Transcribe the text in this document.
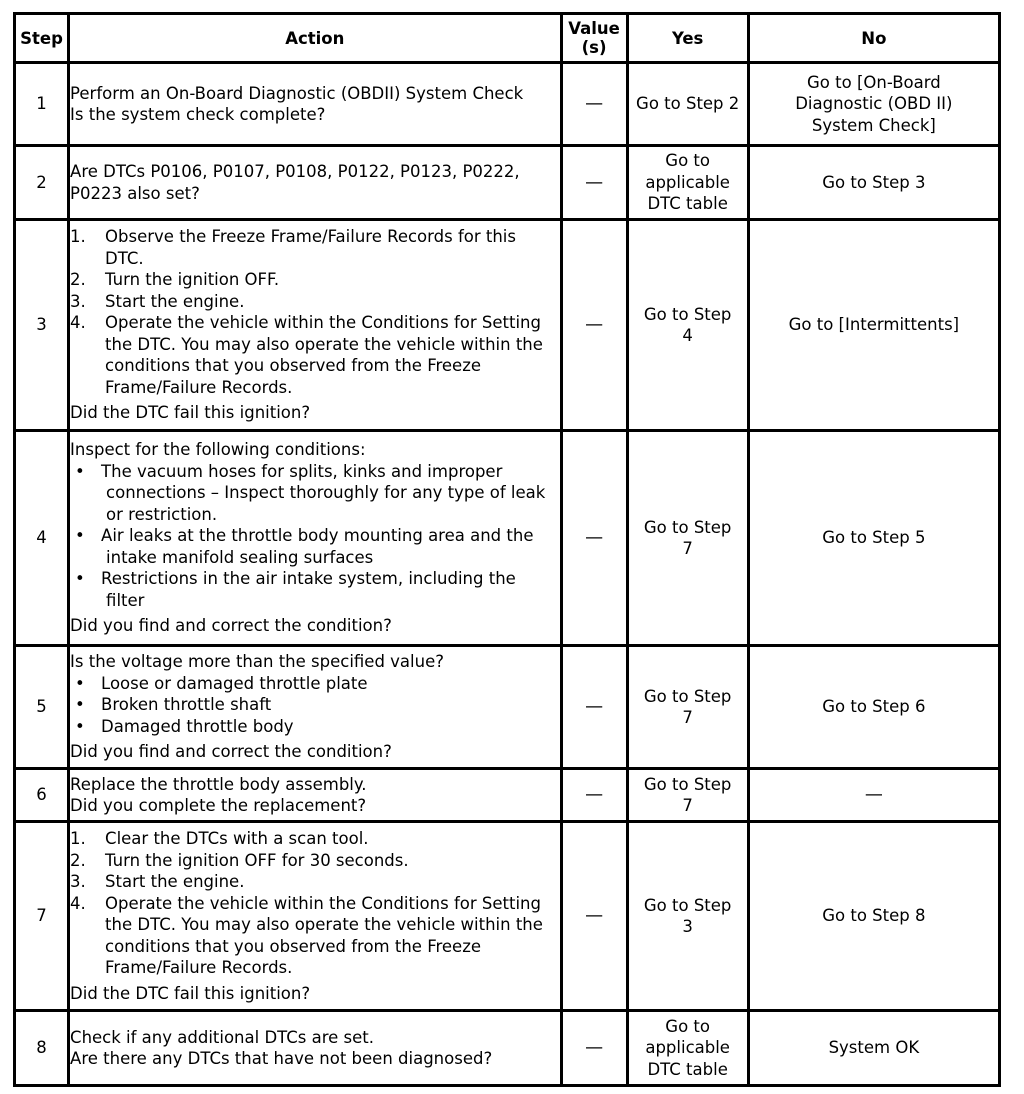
Step	Action	Value (s)	Yes	No
1	Perform an On-Board Diagnostic (OBDII) System Check
Is the system check complete?	—	Go to Step 2	Go to [On-Board Diagnostic (OBD II) System Check]
2	Are DTCs P0106, P0107, P0108, P0122, P0123, P0222, P0223 also set?	—	Go to applicable DTC table	Go to Step 3
3	1. Observe the Freeze Frame/Failure Records for this DTC.
2. Turn the ignition OFF.
3. Start the engine.
4. Operate the vehicle within the Conditions for Setting the DTC. You may also operate the vehicle within the conditions that you observed from the Freeze Frame/Failure Records.
Did the DTC fail this ignition?	—	Go to Step 4	Go to [Intermittents]
4	Inspect for the following conditions:
• The vacuum hoses for splits, kinks and improper connections – Inspect thoroughly for any type of leak or restriction.
• Air leaks at the throttle body mounting area and the intake manifold sealing surfaces
• Restrictions in the air intake system, including the filter
Did you find and correct the condition?	—	Go to Step 7	Go to Step 5
5	Is the voltage more than the specified value?
• Loose or damaged throttle plate
• Broken throttle shaft
• Damaged throttle body
Did you find and correct the condition?	—	Go to Step 7	Go to Step 6
6	Replace the throttle body assembly.
Did you complete the replacement?	—	Go to Step 7	—
7	1. Clear the DTCs with a scan tool.
2. Turn the ignition OFF for 30 seconds.
3. Start the engine.
4. Operate the vehicle within the Conditions for Setting the DTC. You may also operate the vehicle within the conditions that you observed from the Freeze Frame/Failure Records.
Did the DTC fail this ignition?	—	Go to Step 3	Go to Step 8
8	Check if any additional DTCs are set.
Are there any DTCs that have not been diagnosed?	—	Go to applicable DTC table	System OK
